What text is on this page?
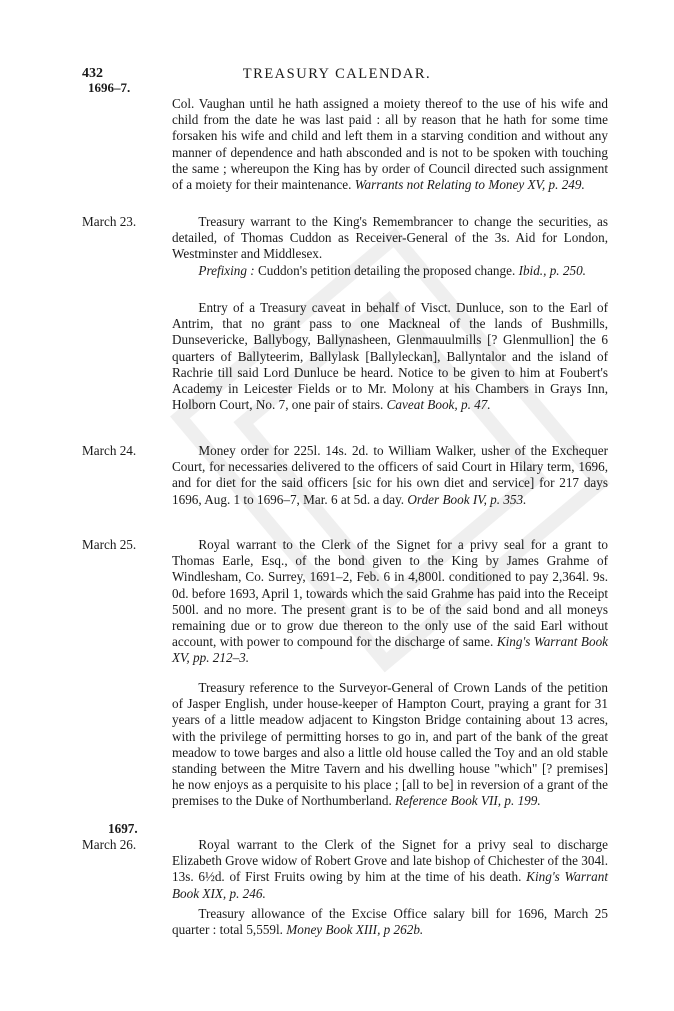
432	TREASURY CALENDAR.
1696–7.

Col. Vaughan until he hath assigned a moiety thereof to the use of his wife and child from the date he was last paid : all by reason that he hath for some time forsaken his wife and child and left them in a starving condition and without any manner of dependence and hath absconded and is not to be spoken with touching the same ; whereupon the King has by order of Council directed such assignment of a moiety for their maintenance. Warrants not Relating to Money XV, p. 249.

March 23.	Treasury warrant to the King's Remembrancer to change the securities, as detailed, of Thomas Cuddon as Receiver-General of the 3s. Aid for London, Westminster and Middlesex.

Prefixing : Cuddon's petition detailing the proposed change. Ibid., p. 250.

Entry of a Treasury caveat in behalf of Visct. Dunluce, son to the Earl of Antrim, that no grant pass to one Mackneal of the lands of Bushmills, Dunsevericke, Ballybogy, Ballynasheen, Glenmauulmills [? Glenmullion] the 6 quarters of Ballyteerim, Ballylask [Ballyleckan], Ballyntalor and the island of Rachrie till said Lord Dunluce be heard. Notice to be given to him at Foubert's Academy in Leicester Fields or to Mr. Molony at his Chambers in Grays Inn, Holborn Court, No. 7, one pair of stairs. Caveat Book, p. 47.

March 24.	Money order for 225l. 14s. 2d. to William Walker, usher of the Exchequer Court, for necessaries delivered to the officers of said Court in Hilary term, 1696, and for diet for the said officers [sic for his own diet and service] for 217 days 1696, Aug. 1 to 1696–7, Mar. 6 at 5d. a day. Order Book IV, p. 353.

March 25.	Royal warrant to the Clerk of the Signet for a privy seal for a grant to Thomas Earle, Esq., of the bond given to the King by James Grahme of Windlesham, Co. Surrey, 1691–2, Feb. 6 in 4,800l. conditioned to pay 2,364l. 9s. 0d. before 1693, April 1, towards which the said Grahme has paid into the Receipt 500l. and no more. The present grant is to be of the said bond and all moneys remaining due or to grow due thereon to the only use of the said Earl without account, with power to compound for the discharge of same. King's Warrant Book XV, pp. 212–3.

Treasury reference to the Surveyor-General of Crown Lands of the petition of Jasper English, under house-keeper of Hampton Court, praying a grant for 31 years of a little meadow adjacent to Kingston Bridge containing about 13 acres, with the privilege of permitting horses to go in, and part of the bank of the great meadow to towe barges and also a little old house called the Toy and an old stable standing between the Mitre Tavern and his dwelling house "which" [? premises] he now enjoys as a perquisite to his place ; [all to be] in reversion of a grant of the premises to the Duke of Northumberland. Reference Book VII, p. 199.

1697.
March 26.	Royal warrant to the Clerk of the Signet for a privy seal to discharge Elizabeth Grove widow of Robert Grove and late bishop of Chichester of the 304l. 13s. 6½d. of First Fruits owing by him at the time of his death. King's Warrant Book XIX, p. 246.

Treasury allowance of the Excise Office salary bill for 1696, March 25 quarter : total 5,559l. Money Book XIII, p 262b.
